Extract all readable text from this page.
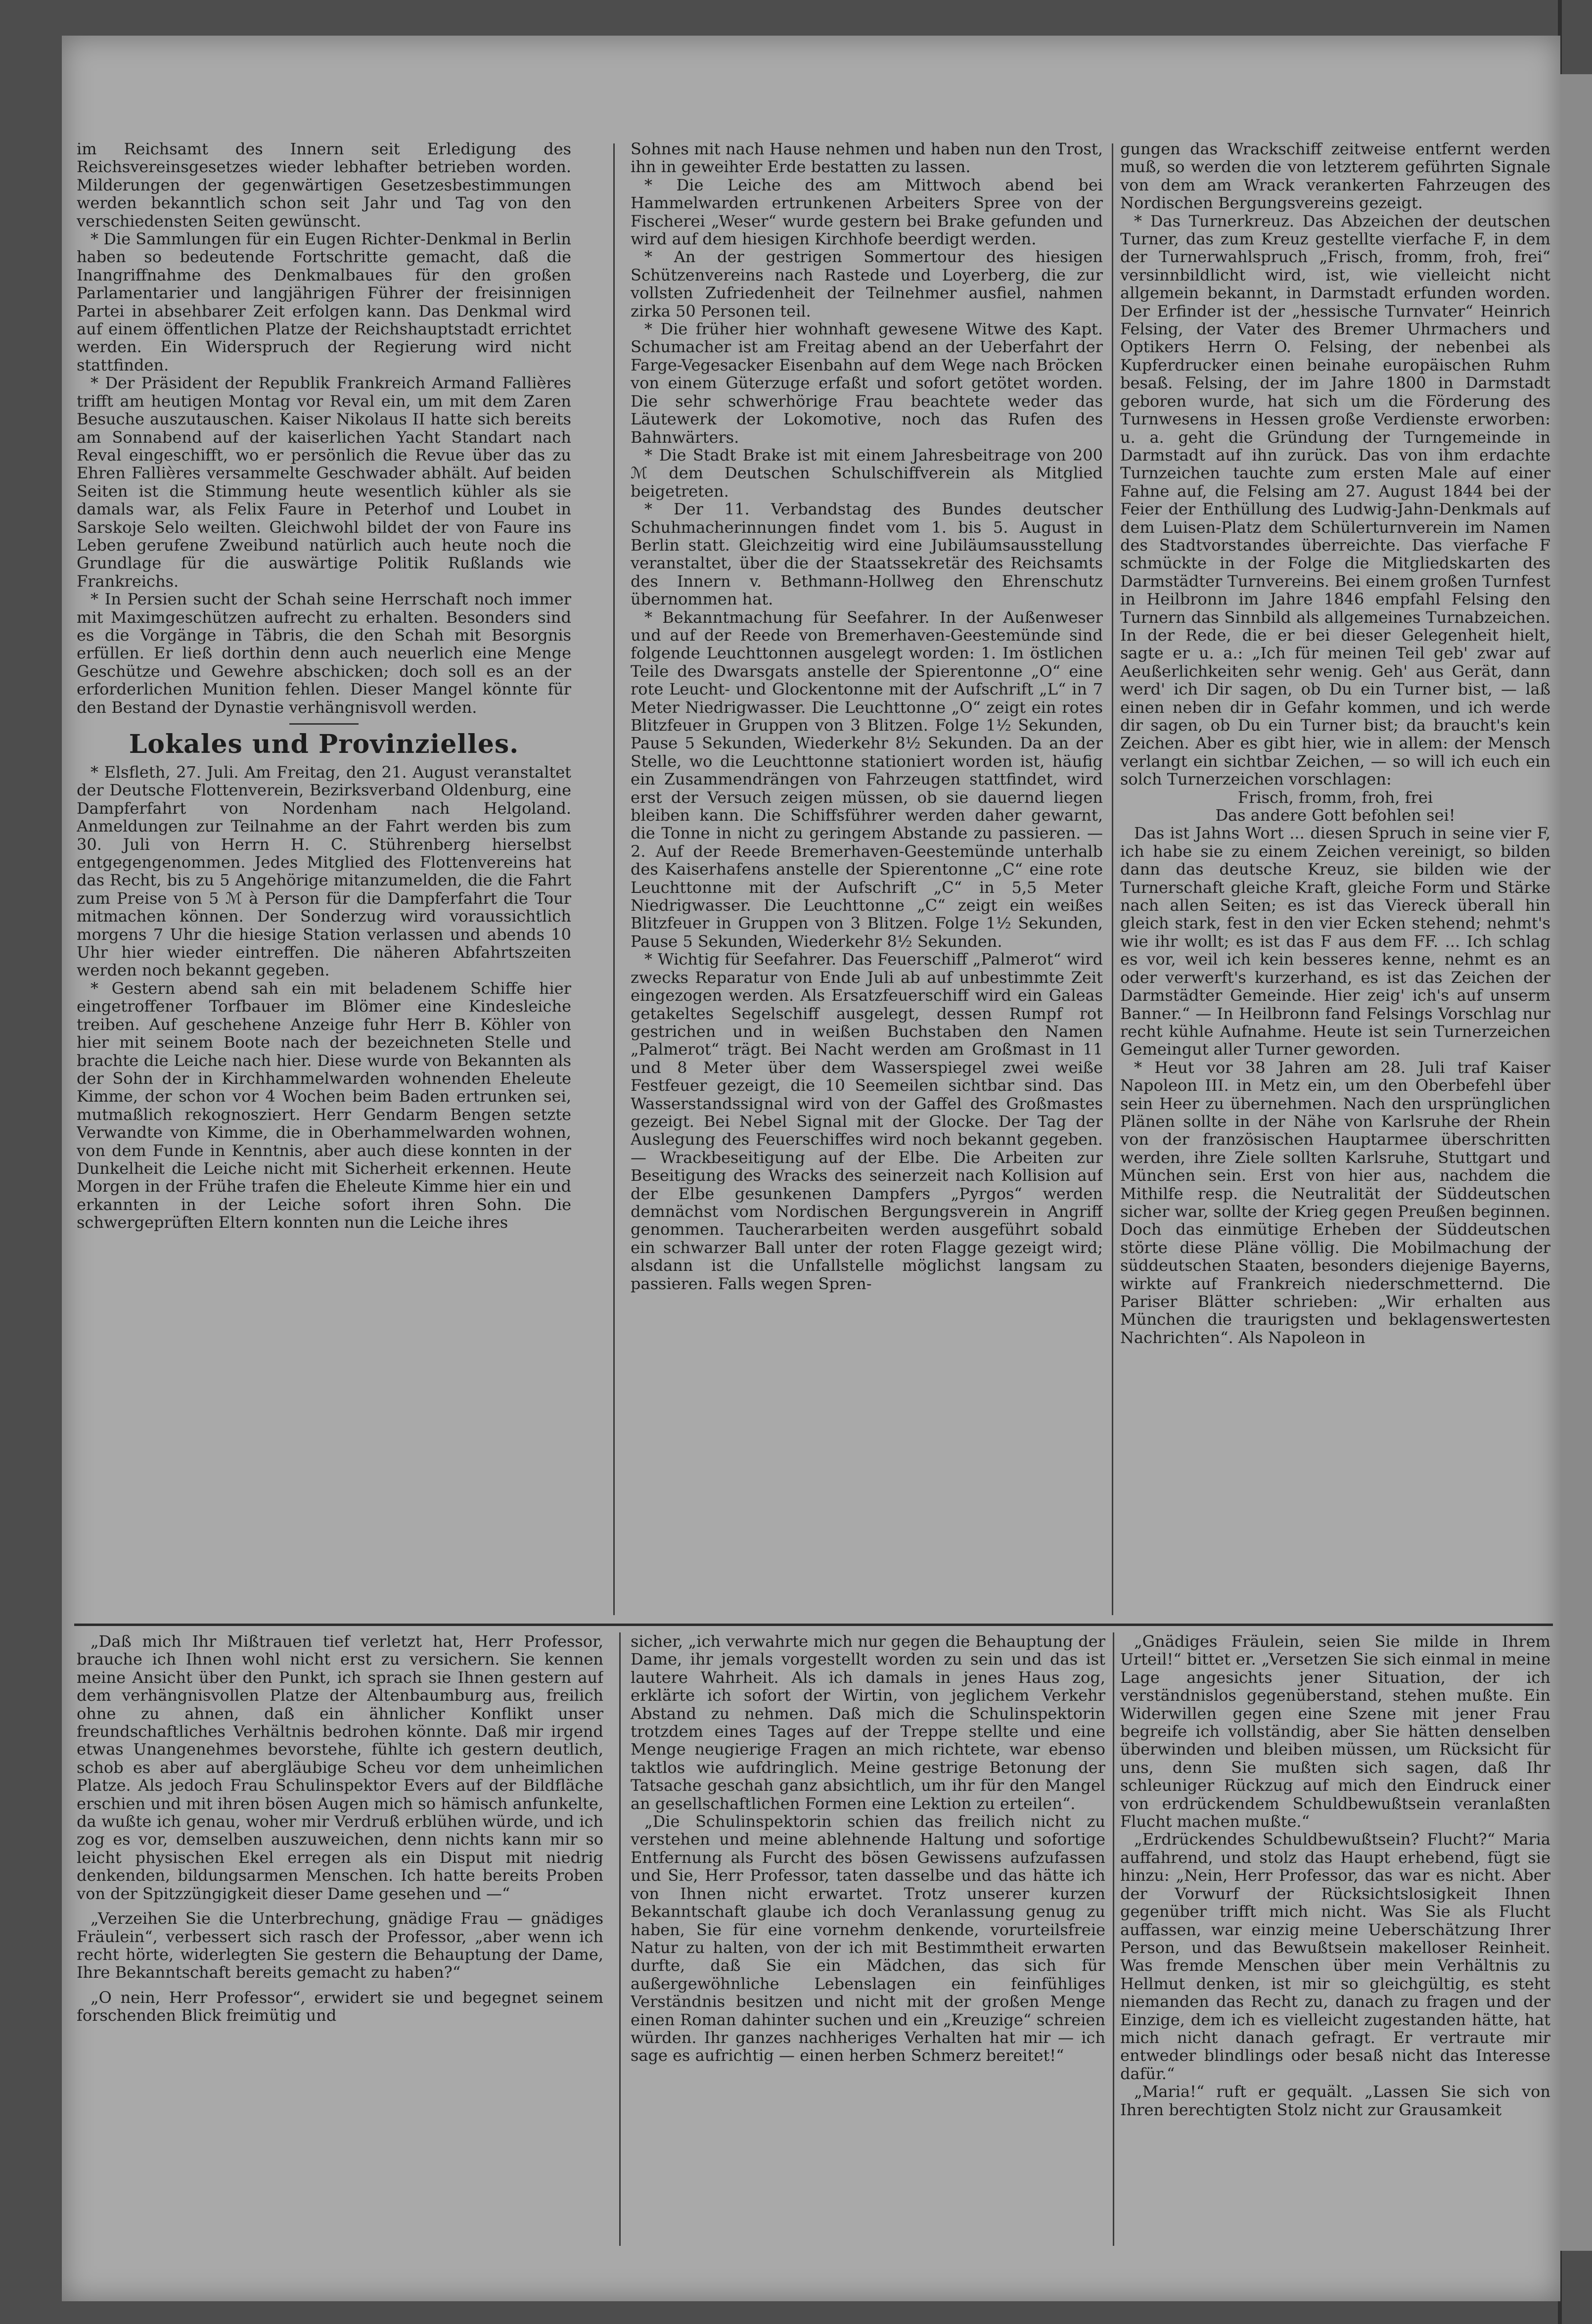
im Reichsamt des Innern seit Erledigung des Reichsvereinsgesetzes wieder lebhafter betrieben worden. Milderungen der gegenwärtigen Gesetzesbestimmungen werden bekanntlich schon seit Jahr und Tag von den verschiedensten Seiten gewünscht.

* Die Sammlungen für ein Eugen Richter-Denkmal in Berlin haben so bedeutende Fortschritte gemacht, daß die Inangriffnahme des Denkmalbaues für den großen Parlamentarier und langjährigen Führer der freisinnigen Partei in absehbarer Zeit erfolgen kann. Das Denkmal wird auf einem öffentlichen Platze der Reichshauptstadt errichtet werden. Ein Widerspruch der Regierung wird nicht stattfinden.

* Der Präsident der Republik Frankreich Armand Fallières trifft am heutigen Montag vor Reval ein, um mit dem Zaren Besuche auszutauschen. Kaiser Nikolaus II hatte sich bereits am Sonnabend auf der kaiserlichen Yacht Standart nach Reval eingeschifft, wo er persönlich die Revue über das zu Ehren Fallières versammelte Geschwader abhält. Auf beiden Seiten ist die Stimmung heute wesentlich kühler als sie damals war, als Felix Faure in Peterhof und Loubet in Sarskoje Selo weilten. Gleichwohl bildet der von Faure ins Leben gerufene Zweibund natürlich auch heute noch die Grundlage für die auswärtige Politik Rußlands wie Frankreichs.

* In Persien sucht der Schah seine Herrschaft noch immer mit Maximgeschützen aufrecht zu erhalten. Besonders sind es die Vorgänge in Täbris, die den Schah mit Besorgnis erfüllen. Er ließ dorthin denn auch neuerlich eine Menge Geschütze und Gewehre abschicken; doch soll es an der erforderlichen Munition fehlen. Dieser Mangel könnte für den Bestand der Dynastie verhängnisvoll werden.

Lokales und Provinzielles.

* Elsfleth, 27. Juli. Am Freitag, den 21. August veranstaltet der Deutsche Flottenverein, Bezirksverband Oldenburg, eine Dampferfahrt von Nordenham nach Helgoland. Anmeldungen zur Teilnahme an der Fahrt werden bis zum 30. Juli von Herrn H. C. Stührenberg hierselbst entgegengenommen. Jedes Mitglied des Flottenvereins hat das Recht, bis zu 5 Angehörige mitanzumelden, die die Fahrt zum Preise von 5 ℳ à Person für die Dampferfahrt die Tour mitmachen können. Der Sonderzug wird voraussichtlich morgens 7 Uhr die hiesige Station verlassen und abends 10 Uhr hier wieder eintreffen. Die näheren Abfahrtszeiten werden noch bekannt gegeben.

* Gestern abend sah ein mit beladenem Schiffe hier eingetroffener Torfbauer im Blömer eine Kindesleiche treiben. Auf geschehene Anzeige fuhr Herr B. Köhler von hier mit seinem Boote nach der bezeichneten Stelle und brachte die Leiche nach hier. Diese wurde von Bekannten als der Sohn der in Kirchhammelwarden wohnenden Eheleute Kimme, der schon vor 4 Wochen beim Baden ertrunken sei, mutmaßlich rekognosziert. Herr Gendarm Bengen setzte Verwandte von Kimme, die in Oberhammelwarden wohnen, von dem Funde in Kenntnis, aber auch diese konnten in der Dunkelheit die Leiche nicht mit Sicherheit erkennen. Heute Morgen in der Frühe trafen die Eheleute Kimme hier ein und erkannten in der Leiche sofort ihren Sohn. Die schwergeprüften Eltern konnten nun die Leiche ihres

Sohnes mit nach Hause nehmen und haben nun den Trost, ihn in geweihter Erde bestatten zu lassen.

* Die Leiche des am Mittwoch abend bei Hammelwarden ertrunkenen Arbeiters Spree von der Fischerei „Weser“ wurde gestern bei Brake gefunden und wird auf dem hiesigen Kirchhofe beerdigt werden.

* An der gestrigen Sommertour des hiesigen Schützenvereins nach Rastede und Loyerberg, die zur vollsten Zufriedenheit der Teilnehmer ausfiel, nahmen zirka 50 Personen teil.

* Die früher hier wohnhaft gewesene Witwe des Kapt. Schumacher ist am Freitag abend an der Ueberfahrt der Farge-Vegesacker Eisenbahn auf dem Wege nach Bröcken von einem Güterzuge erfaßt und sofort getötet worden. Die sehr schwerhörige Frau beachtete weder das Läutewerk der Lokomotive, noch das Rufen des Bahnwärters.

* Die Stadt Brake ist mit einem Jahresbeitrage von 200 ℳ dem Deutschen Schulschiffverein als Mitglied beigetreten.

* Der 11. Verbandstag des Bundes deutscher Schuhmacherinnungen findet vom 1. bis 5. August in Berlin statt. Gleichzeitig wird eine Jubiläumsausstellung veranstaltet, über die der Staatssekretär des Reichsamts des Innern v. Bethmann-Hollweg den Ehrenschutz übernommen hat.

* Bekanntmachung für Seefahrer. In der Außenweser und auf der Reede von Bremerhaven-Geestemünde sind folgende Leuchttonnen ausgelegt worden: 1. Im östlichen Teile des Dwarsgats anstelle der Spierentonne „O“ eine rote Leucht- und Glockentonne mit der Aufschrift „L“ in 7 Meter Niedrigwasser. Die Leuchttonne „O“ zeigt ein rotes Blitzfeuer in Gruppen von 3 Blitzen. Folge 1½ Sekunden, Pause 5 Sekunden, Wiederkehr 8½ Sekunden. Da an der Stelle, wo die Leuchttonne stationiert worden ist, häufig ein Zusammendrängen von Fahrzeugen stattfindet, wird erst der Versuch zeigen müssen, ob sie dauernd liegen bleiben kann. Die Schiffsführer werden daher gewarnt, die Tonne in nicht zu geringem Abstande zu passieren. — 2. Auf der Reede Bremerhaven-Geestemünde unterhalb des Kaiserhafens anstelle der Spierentonne „C“ eine rote Leuchttonne mit der Aufschrift „C“ in 5,5 Meter Niedrigwasser. Die Leuchttonne „C“ zeigt ein weißes Blitzfeuer in Gruppen von 3 Blitzen. Folge 1½ Sekunden, Pause 5 Sekunden, Wiederkehr 8½ Sekunden.

* Wichtig für Seefahrer. Das Feuerschiff „Palmerot“ wird zwecks Reparatur von Ende Juli ab auf unbestimmte Zeit eingezogen werden. Als Ersatzfeuerschiff wird ein Galeas getakeltes Segelschiff ausgelegt, dessen Rumpf rot gestrichen und in weißen Buchstaben den Namen „Palmerot“ trägt. Bei Nacht werden am Großmast in 11 und 8 Meter über dem Wasserspiegel zwei weiße Festfeuer gezeigt, die 10 Seemeilen sichtbar sind. Das Wasserstandssignal wird von der Gaffel des Großmastes gezeigt. Bei Nebel Signal mit der Glocke. Der Tag der Auslegung des Feuerschiffes wird noch bekannt gegeben. — Wrackbeseitigung auf der Elbe. Die Arbeiten zur Beseitigung des Wracks des seinerzeit nach Kollision auf der Elbe gesunkenen Dampfers „Pyrgos“ werden demnächst vom Nordischen Bergungsverein in Angriff genommen. Taucherarbeiten werden ausgeführt sobald ein schwarzer Ball unter der roten Flagge gezeigt wird; alsdann ist die Unfallstelle möglichst langsam zu passieren. Falls wegen Spren-

gungen das Wrackschiff zeitweise entfernt werden muß, so werden die von letzterem geführten Signale von dem am Wrack verankerten Fahrzeugen des Nordischen Bergungsvereins gezeigt.

* Das Turnerkreuz. Das Abzeichen der deutschen Turner, das zum Kreuz gestellte vierfache F, in dem der Turnerwahlspruch „Frisch, fromm, froh, frei“ versinnbildlicht wird, ist, wie vielleicht nicht allgemein bekannt, in Darmstadt erfunden worden. Der Erfinder ist der „hessische Turnvater“ Heinrich Felsing, der Vater des Bremer Uhrmachers und Optikers Herrn O. Felsing, der nebenbei als Kupferdrucker einen beinahe europäischen Ruhm besaß. Felsing, der im Jahre 1800 in Darmstadt geboren wurde, hat sich um die Förderung des Turnwesens in Hessen große Verdienste erworben: u. a. geht die Gründung der Turngemeinde in Darmstadt auf ihn zurück. Das von ihm erdachte Turnzeichen tauchte zum ersten Male auf einer Fahne auf, die Felsing am 27. August 1844 bei der Feier der Enthüllung des Ludwig-Jahn-Denkmals auf dem Luisen-Platz dem Schülerturnverein im Namen des Stadtvorstandes überreichte. Das vierfache F schmückte in der Folge die Mitgliedskarten des Darmstädter Turnvereins. Bei einem großen Turnfest in Heilbronn im Jahre 1846 empfahl Felsing den Turnern das Sinnbild als allgemeines Turnabzeichen. In der Rede, die er bei dieser Gelegenheit hielt, sagte er u. a.: „Ich für meinen Teil geb' zwar auf Aeußerlichkeiten sehr wenig. Geh' aus Gerät, dann werd' ich Dir sagen, ob Du ein Turner bist, — laß einen neben dir in Gefahr kommen, und ich werde dir sagen, ob Du ein Turner bist; da braucht's kein Zeichen. Aber es gibt hier, wie in allem: der Mensch verlangt ein sichtbar Zeichen, — so will ich euch ein solch Turnerzeichen vorschlagen:

Frisch, fromm, froh, frei

Das andere Gott befohlen sei!

Das ist Jahns Wort ... diesen Spruch in seine vier F, ich habe sie zu einem Zeichen vereinigt, so bilden dann das deutsche Kreuz, sie bilden wie der Turnerschaft gleiche Kraft, gleiche Form und Stärke nach allen Seiten; es ist das Viereck überall hin gleich stark, fest in den vier Ecken stehend; nehmt's wie ihr wollt; es ist das F aus dem FF. ... Ich schlag es vor, weil ich kein besseres kenne, nehmt es an oder verwerft's kurzerhand, es ist das Zeichen der Darmstädter Gemeinde. Hier zeig' ich's auf unserm Banner.“ — In Heilbronn fand Felsings Vorschlag nur recht kühle Aufnahme. Heute ist sein Turnerzeichen Gemeingut aller Turner geworden.

* Heut vor 38 Jahren am 28. Juli traf Kaiser Napoleon III. in Metz ein, um den Oberbefehl über sein Heer zu übernehmen. Nach den ursprünglichen Plänen sollte in der Nähe von Karlsruhe der Rhein von der französischen Hauptarmee überschritten werden, ihre Ziele sollten Karlsruhe, Stuttgart und München sein. Erst von hier aus, nachdem die Mithilfe resp. die Neutralität der Süddeutschen sicher war, sollte der Krieg gegen Preußen beginnen. Doch das einmütige Erheben der Süddeutschen störte diese Pläne völlig. Die Mobilmachung der süddeutschen Staaten, besonders diejenige Bayerns, wirkte auf Frankreich niederschmetternd. Die Pariser Blätter schrieben: „Wir erhalten aus München die traurigsten und beklagenswertesten Nachrichten“. Als Napoleon in

„Daß mich Ihr Mißtrauen tief verletzt hat, Herr Professor, brauche ich Ihnen wohl nicht erst zu versichern. Sie kennen meine Ansicht über den Punkt, ich sprach sie Ihnen gestern auf dem verhängnisvollen Platze der Altenbaumburg aus, freilich ohne zu ahnen, daß ein ähnlicher Konflikt unser freundschaftliches Verhältnis bedrohen könnte. Daß mir irgend etwas Unangenehmes bevorstehe, fühlte ich gestern deutlich, schob es aber auf abergläubige Scheu vor dem unheimlichen Platze. Als jedoch Frau Schulinspektor Evers auf der Bildfläche erschien und mit ihren bösen Augen mich so hämisch anfunkelte, da wußte ich genau, woher mir Verdruß erblühen würde, und ich zog es vor, demselben auszuweichen, denn nichts kann mir so leicht physischen Ekel erregen als ein Disput mit niedrig denkenden, bildungsarmen Menschen. Ich hatte bereits Proben von der Spitzzüngigkeit dieser Dame gesehen und —“

„Verzeihen Sie die Unterbrechung, gnädige Frau — gnädiges Fräulein“, verbessert sich rasch der Professor, „aber wenn ich recht hörte, widerlegten Sie gestern die Behauptung der Dame, Ihre Bekanntschaft bereits gemacht zu haben?“

„O nein, Herr Professor“, erwidert sie und begegnet seinem forschenden Blick freimütig und

sicher, „ich verwahrte mich nur gegen die Behauptung der Dame, ihr jemals vorgestellt worden zu sein und das ist lautere Wahrheit. Als ich damals in jenes Haus zog, erklärte ich sofort der Wirtin, von jeglichem Verkehr Abstand zu nehmen. Daß mich die Schulinspektorin trotzdem eines Tages auf der Treppe stellte und eine Menge neugierige Fragen an mich richtete, war ebenso taktlos wie aufdringlich. Meine gestrige Betonung der Tatsache geschah ganz absichtlich, um ihr für den Mangel an gesellschaftlichen Formen eine Lektion zu erteilen“.

„Die Schulinspektorin schien das freilich nicht zu verstehen und meine ablehnende Haltung und sofortige Entfernung als Furcht des bösen Gewissens aufzufassen und Sie, Herr Professor, taten dasselbe und das hätte ich von Ihnen nicht erwartet. Trotz unserer kurzen Bekanntschaft glaube ich doch Veranlassung genug zu haben, Sie für eine vornehm denkende, vorurteilsfreie Natur zu halten, von der ich mit Bestimmtheit erwarten durfte, daß Sie ein Mädchen, das sich für außergewöhnliche Lebenslagen ein feinfühliges Verständnis besitzen und nicht mit der großen Menge einen Roman dahinter suchen und ein „Kreuzige“ schreien würden. Ihr ganzes nachheriges Verhalten hat mir — ich sage es aufrichtig — einen herben Schmerz bereitet!“

„Gnädiges Fräulein, seien Sie milde in Ihrem Urteil!“ bittet er. „Versetzen Sie sich einmal in meine Lage angesichts jener Situation, der ich verständnislos gegenüberstand, stehen mußte. Ein Widerwillen gegen eine Szene mit jener Frau begreife ich vollständig, aber Sie hätten denselben überwinden und bleiben müssen, um Rücksicht für uns, denn Sie mußten sich sagen, daß Ihr schleuniger Rückzug auf mich den Eindruck einer von erdrückendem Schuldbewußtsein veranlaßten Flucht machen mußte.“

„Erdrückendes Schuldbewußtsein? Flucht?“ Maria auffahrend, und stolz das Haupt erhebend, fügt sie hinzu: „Nein, Herr Professor, das war es nicht. Aber der Vorwurf der Rücksichtslosigkeit Ihnen gegenüber trifft mich nicht. Was Sie als Flucht auffassen, war einzig meine Ueberschätzung Ihrer Person, und das Bewußtsein makelloser Reinheit. Was fremde Menschen über mein Verhältnis zu Hellmut denken, ist mir so gleichgültig, es steht niemanden das Recht zu, danach zu fragen und der Einzige, dem ich es vielleicht zugestanden hätte, hat mich nicht danach gefragt. Er vertraute mir entweder blindlings oder besaß nicht das Interesse dafür.“

„Maria!“ ruft er gequält. „Lassen Sie sich von Ihren berechtigten Stolz nicht zur Grausamkeit
